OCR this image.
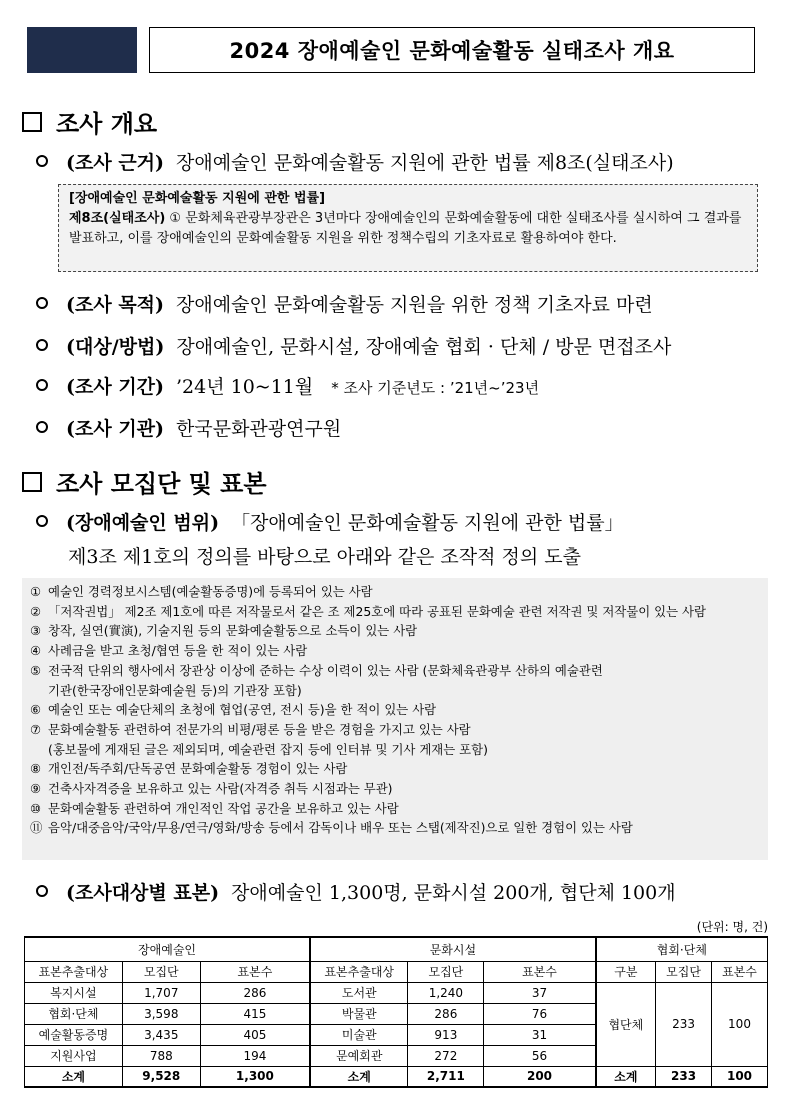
2024 장애예술인 문화예술활동 실태조사 개요
조사 개요
(조사 근거) 장애예술인 문화예술활동 지원에 관한 법률 제8조(실태조사)
[장애예술인 문화예술활동 지원에 관한 법률]
제8조(실태조사) ① 문화체육관광부장관은 3년마다 장애예술인의 문화예술활동에 대한 실태조사를 실시하여 그 결과를 발표하고, 이를 장애예술인의 문화예술활동 지원을 위한 정책수립의 기초자료로 활용하여야 한다.
(조사 목적) 장애예술인 문화예술활동 지원을 위한 정책 기초자료 마련
(대상/방법) 장애예술인, 문화시설, 장애예술 협회 · 단체 / 방문 면접조사
(조사 기간) ’24년 10~11월 * 조사 기준년도 : ’21년~’23년
(조사 기관) 한국문화관광연구원
조사 모집단 및 표본
(장애예술인 범위) 「장애예술인 문화예술활동 지원에 관한 법률」
제3조 제1호의 정의를 바탕으로 아래와 같은 조작적 정의 도출
① 예술인 경력정보시스템(예술활동증명)에 등록되어 있는 사람
② 「저작권법」 제2조 제1호에 따른 저작물로서 같은 조 제25호에 따라 공표된 문화예술 관련 저작권 및 저작물이 있는 사람
③ 창작, 실연(實演), 기술지원 등의 문화예술활동으로 소득이 있는 사람
④ 사례금을 받고 초청/협연 등을 한 적이 있는 사람
⑤ 전국적 단위의 행사에서 장관상 이상에 준하는 수상 이력이 있는 사람 (문화체육관광부 산하의 예술관련
기관(한국장애인문화예술원 등)의 기관장 포함)
⑥ 예술인 또는 예술단체의 초청에 협업(공연, 전시 등)을 한 적이 있는 사람
⑦ 문화예술활동 관련하여 전문가의 비평/평론 등을 받은 경험을 가지고 있는 사람
(홍보물에 게재된 글은 제외되며, 예술관련 잡지 등에 인터뷰 및 기사 게재는 포함)
⑧ 개인전/독주회/단독공연 문화예술활동 경험이 있는 사람
⑨ 건축사자격증을 보유하고 있는 사람(자격증 취득 시점과는 무관)
⑩ 문화예술활동 관련하여 개인적인 작업 공간을 보유하고 있는 사람
⑪ 음악/대중음악/국악/무용/연극/영화/방송 등에서 감독이나 배우 또는 스탭(제작진)으로 일한 경험이 있는 사람
(조사대상별 표본) 장애예술인 1,300명, 문화시설 200개, 협단체 100개
(단위: 명, 건)
장애예술인			문화시설			협회·단체		
표본추출대상	모집단	표본수	표본추출대상	모집단	표본수	구분	모집단	표본수
복지시설	1,707	286	도서관	1,240	37	협단체	233	100
협회·단체	3,598	415	박물관	286	76			
예술활동증명	3,435	405	미술관	913	31			
지원사업	788	194	문예회관	272	56			
소계	9,528	1,300	소계	2,711	200	소계	233	100
